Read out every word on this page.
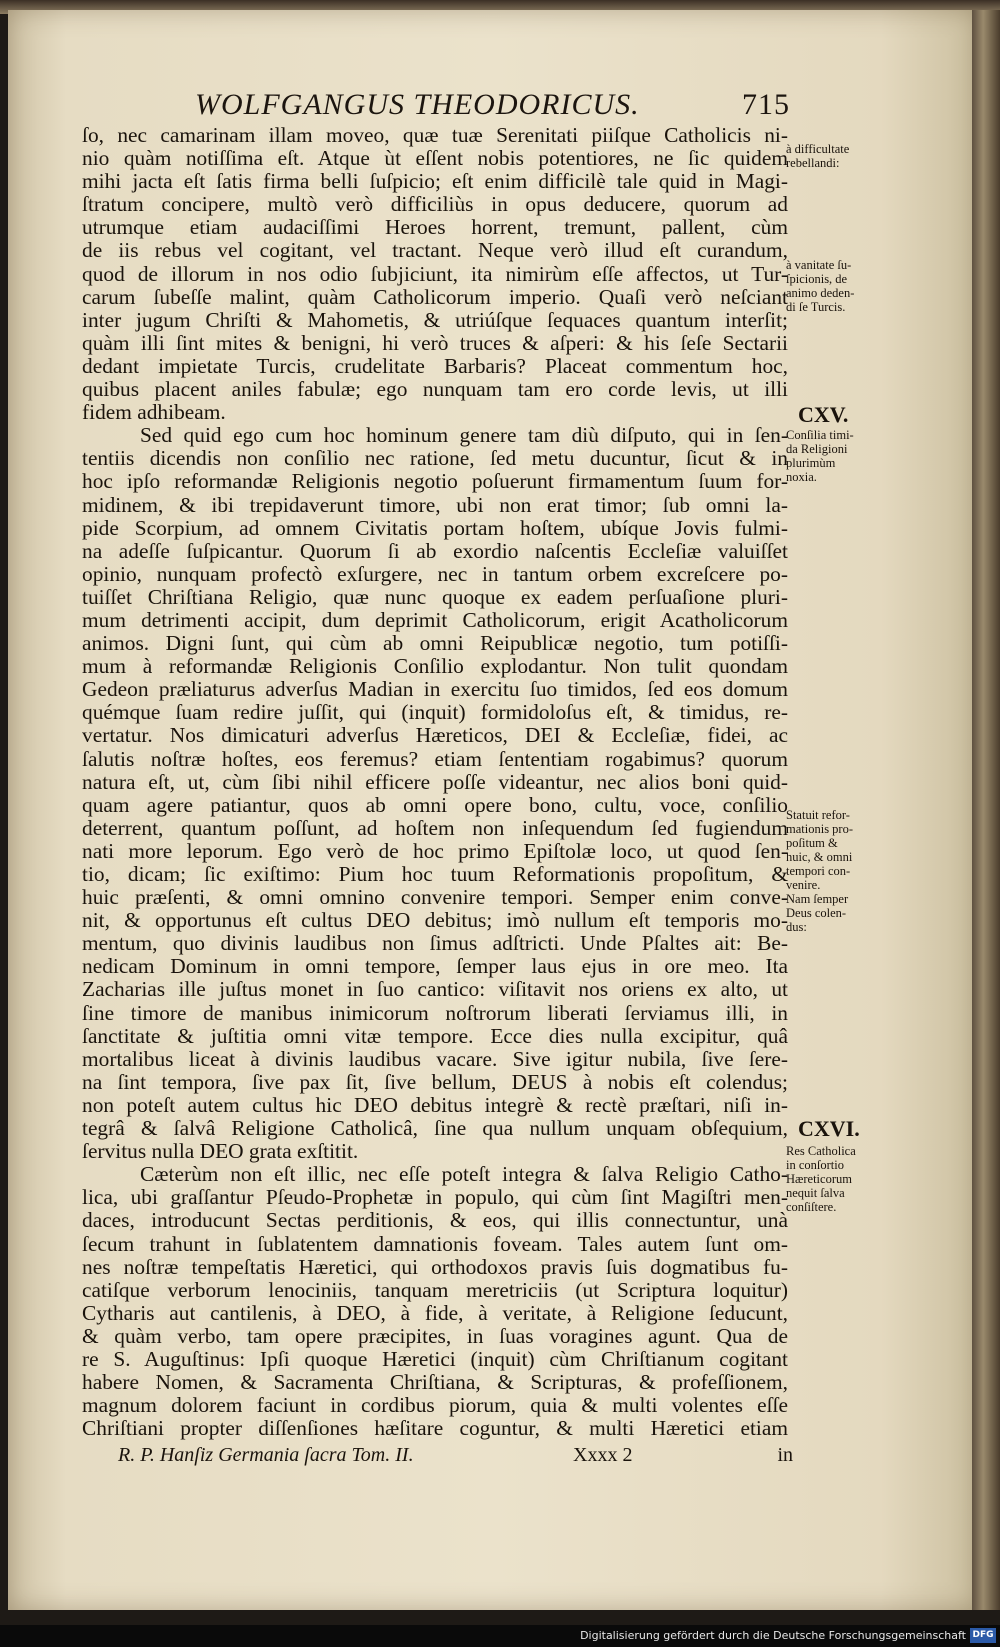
WOLFGANGUS THEODORICUS.	715
ſo, nec camarinam illam moveo, quæ tuæ Serenitati piiſque Catholicis ni-
nio quàm notiſſima eſt. Atque ùt eſſent nobis potentiores, ne ſic quidem
mihi jacta eſt ſatis firma belli ſuſpicio; eſt enim difficilè tale quid in Magi-
ſtratum concipere, multò verò difficiliùs in opus deducere, quorum ad
utrumque etiam audaciſſimi Heroes horrent, tremunt, pallent, cùm
de iis rebus vel cogitant, vel tractant. Neque verò illud eſt curandum,
quod de illorum in nos odio ſubjiciunt, ita nimirùm eſſe affectos, ut Tur-
carum ſubeſſe malint, quàm Catholicorum imperio. Quaſi verò neſciant
inter jugum Chriſti & Mahometis, & utriúſque ſequaces quantum interſit;
quàm illi ſint mites & benigni, hi verò truces & aſperi: & his ſeſe Sectarii
dedant impietate Turcis, crudelitate Barbaris? Placeat commentum hoc,
quibus placent aniles fabulæ; ego nunquam tam ero corde levis, ut illi
fidem adhibeam.
Sed quid ego cum hoc hominum genere tam diù diſputo, qui in ſen-
tentiis dicendis non conſilio nec ratione, ſed metu ducuntur, ſicut & in
hoc ipſo reformandæ Religionis negotio poſuerunt firmamentum ſuum for-
midinem, & ibi trepidaverunt timore, ubi non erat timor; ſub omni la-
pide Scorpium, ad omnem Civitatis portam hoſtem, ubíque Jovis fulmi-
na adeſſe ſuſpicantur. Quorum ſi ab exordio naſcentis Eccleſiæ valuiſſet
opinio, nunquam profectò exſurgere, nec in tantum orbem excreſcere po-
tuiſſet Chriſtiana Religio, quæ nunc quoque ex eadem perſuaſione pluri-
mum detrimenti accipit, dum deprimit Catholicorum, erigit Acatholicorum
animos. Digni ſunt, qui cùm ab omni Reipublicæ negotio, tum potiſſi-
mum à reformandæ Religionis Conſilio explodantur. Non tulit quondam
Gedeon præliaturus adverſus Madian in exercitu ſuo timidos, ſed eos domum
quémque ſuam redire juſſit, qui (inquit) formidoloſus eſt, & timidus, re-
vertatur. Nos dimicaturi adverſus Hæreticos, DEI & Eccleſiæ, fidei, ac
ſalutis noſtræ hoſtes, eos feremus? etiam ſententiam rogabimus? quorum
natura eſt, ut, cùm ſibi nihil efficere poſſe videantur, nec alios boni quid-
quam agere patiantur, quos ab omni opere bono, cultu, voce, conſilio
deterrent, quantum poſſunt, ad hoſtem non inſequendum ſed fugiendum
nati more leporum. Ego verò de hoc primo Epiſtolæ loco, ut quod ſen-
tio, dicam; ſic exiſtimo: Pium hoc tuum Reformationis propoſitum, &
huic præſenti, & omni omnino convenire tempori. Semper enim conve-
nit, & opportunus eſt cultus DEO debitus; imò nullum eſt temporis mo-
mentum, quo divinis laudibus non ſimus adſtricti. Unde Pſaltes ait: Be-
nedicam Dominum in omni tempore, ſemper laus ejus in ore meo. Ita
Zacharias ille juſtus monet in ſuo cantico: viſitavit nos oriens ex alto, ut
ſine timore de manibus inimicorum noſtrorum liberati ſerviamus illi, in
ſanctitate & juſtitia omni vitæ tempore. Ecce dies nulla excipitur, quâ
mortalibus liceat à divinis laudibus vacare. Sive igitur nubila, ſive ſere-
na ſint tempora, ſive pax ſit, ſive bellum, DEUS à nobis eſt colendus;
non poteſt autem cultus hic DEO debitus integrè & rectè præſtari, niſi in-
tegrâ & ſalvâ Religione Catholicâ, ſine qua nullum unquam obſequium,
ſervitus nulla DEO grata exſtitit.
Cæterùm non eſt illic, nec eſſe poteſt integra & ſalva Religio Catho-
lica, ubi graſſantur Pſeudo-Prophetæ in populo, qui cùm ſint Magiſtri men-
daces, introducunt Sectas perditionis, & eos, qui illis connectuntur, unà
ſecum trahunt in ſublatentem damnationis foveam. Tales autem ſunt om-
nes noſtræ tempeſtatis Hæretici, qui orthodoxos pravis ſuis dogmatibus fu-
catiſque verborum lenociniis, tanquam meretriciis (ut Scriptura loquitur)
Cytharis aut cantilenis, à DEO, à fide, à veritate, à Religione ſeducunt,
& quàm verbo, tam opere præcipites, in ſuas voragines agunt. Qua de
re S. Auguſtinus: Ipſi quoque Hæretici (inquit) cùm Chriſtianum cogitant
habere Nomen, & Sacramenta Chriſtiana, & Scripturas, & profeſſionem,
magnum dolorem faciunt in cordibus piorum, quia & multi volentes eſſe
Chriſtiani propter diſſenſiones hæſitare coguntur, & multi Hæretici etiam
à difficultate
rebellandi:
à vanitate ſu-
ſpicionis, de
animo deden-
di ſe Turcis.
CXV.
Conſilia timi-
da Religioni
plurimùm
noxia.
Statuit refor-
mationis pro-
poſitum &
huic, & omni
tempori con-
venire.
Nam ſemper
Deus colen-
dus:
CXVI.
Res Catholica
in conſortio
Hæreticorum
nequit ſalva
conſiſtere.
R. P. Hanſiz Germania ſacra Tom. II.	Xxxx 2	in
Digitalisierung gefördert durch die Deutsche Forschungsgemeinschaft DFG
